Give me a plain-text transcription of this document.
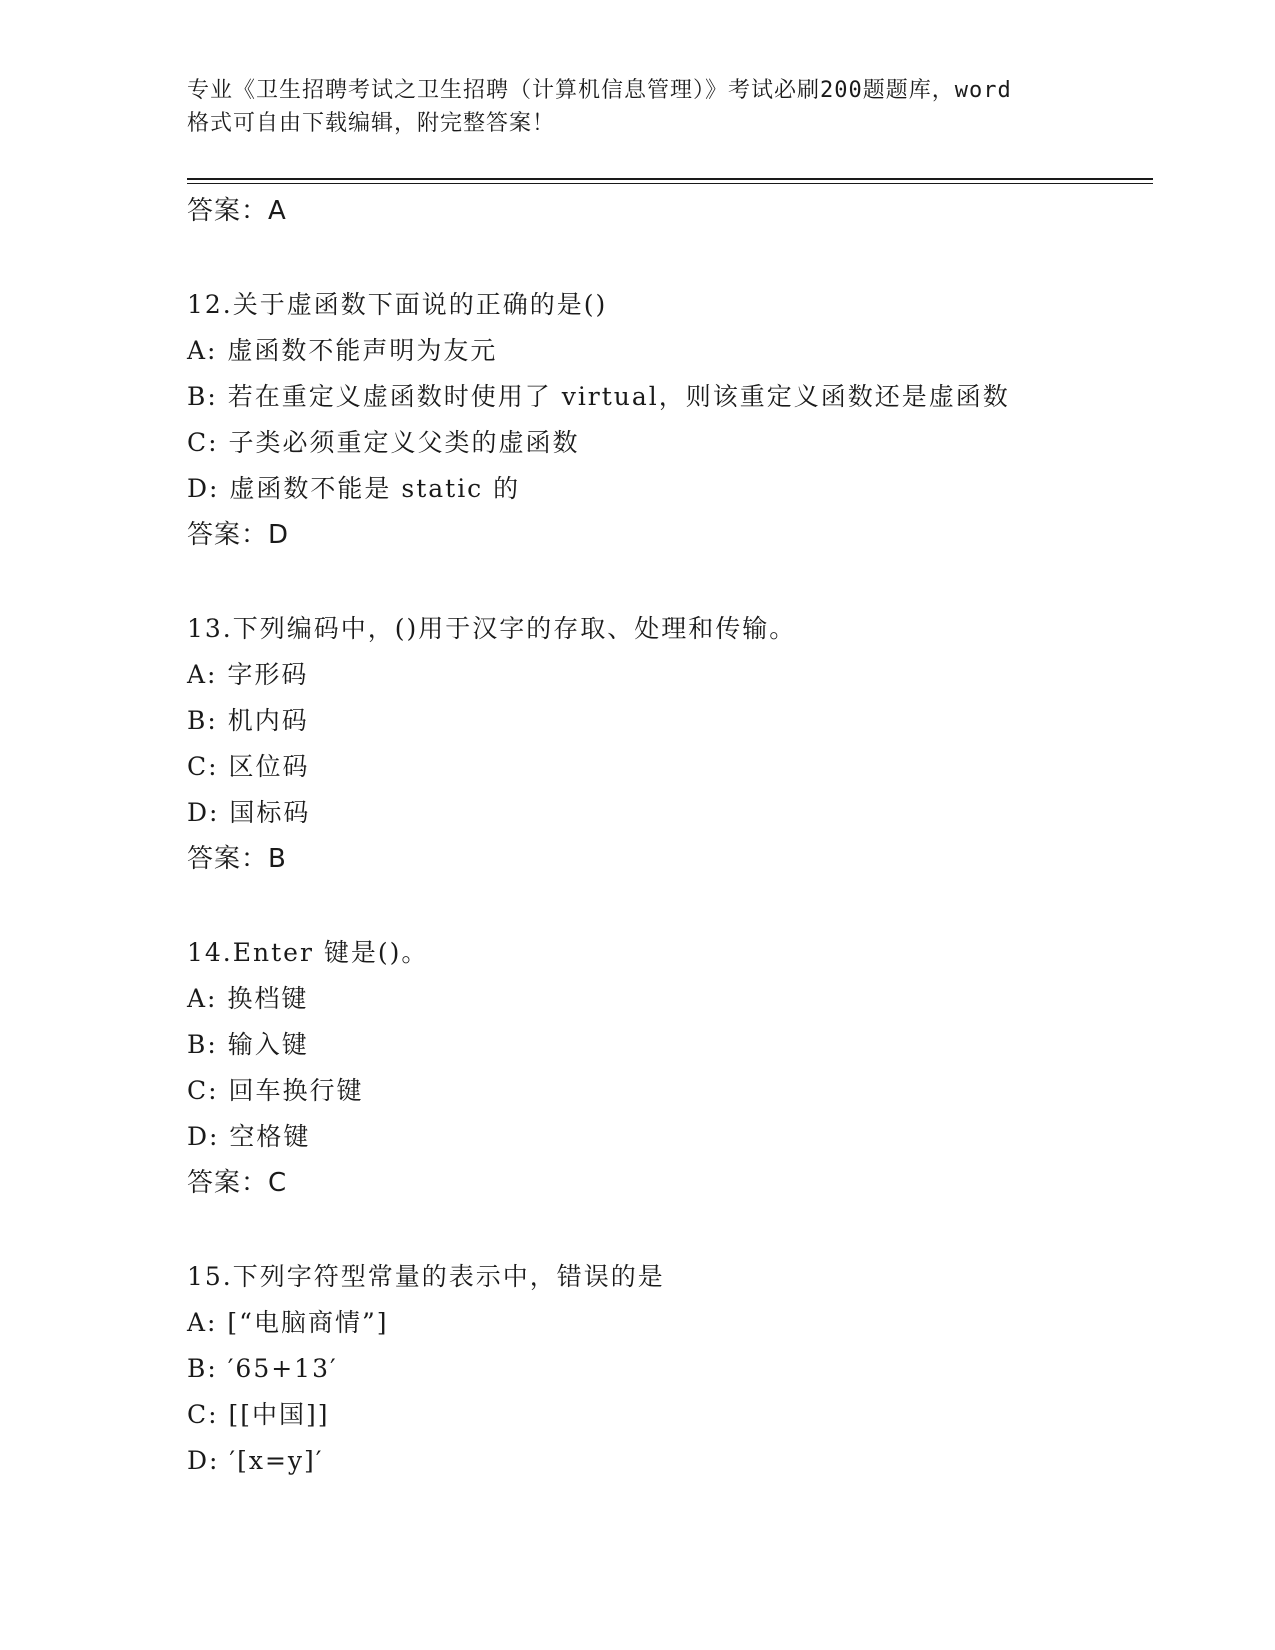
专业《卫生招聘考试之卫生招聘（计算机信息管理）》考试必刷200题题库，word
格式可自由下载编辑，附完整答案！
答案：A
12.关于虚函数下面说的正确的是()
A: 虚函数不能声明为友元
B: 若在重定义虚函数时使用了 virtual，则该重定义函数还是虚函数
C: 子类必须重定义父类的虚函数
D: 虚函数不能是 static 的
答案：D
13.下列编码中，()用于汉字的存取、处理和传输。
A: 字形码
B: 机内码
C: 区位码
D: 国标码
答案：B
14.Enter 键是()。
A: 换档键
B: 输入键
C: 回车换行键
D: 空格键
答案：C
15.下列字符型常量的表示中，错误的是
A: [“电脑商情”]
B: ′65+13′
C: [[中国]]
D: ′[x=y]′
